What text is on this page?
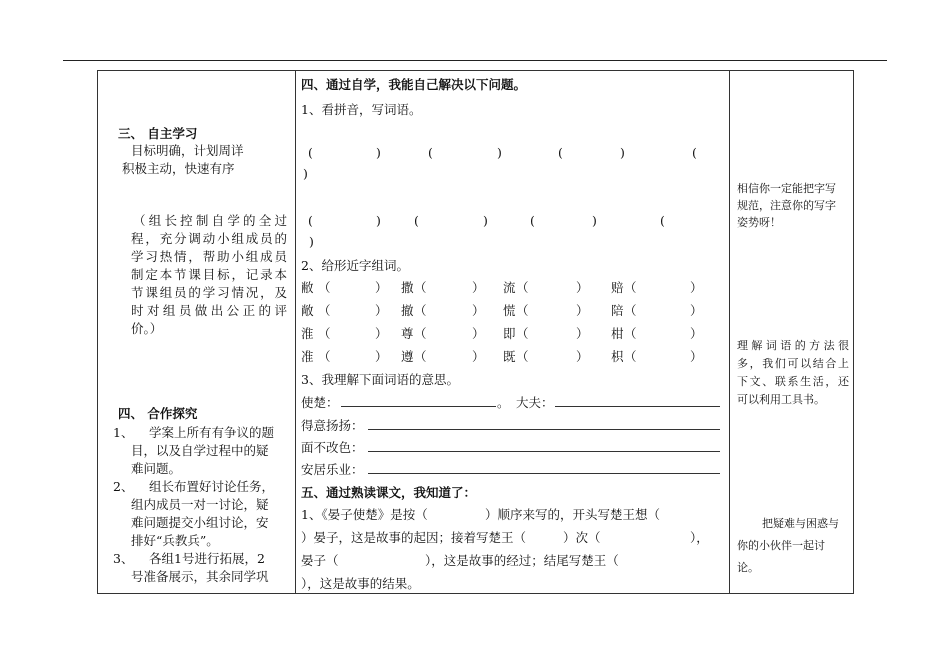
三、 自主学习
目标明确，计划周详
积极主动，快速有序
（组长控制自学的全过
程，充分调动小组成员的
学习热情，帮助小组成员
制定本节课目标，记录本
节课组员的学习情况，及
时对组员做出公正的评
价。）
四、 合作探究
1、 学案上所有有争议的题
目，以及自学过程中的疑
难问题。
2、 组长布置好讨论任务，
组内成员一对一讨论，疑
难问题提交小组讨论，安
排好“兵教兵”。
3、 各组1号进行拓展，2
号准备展示，其余同学巩
四、通过自学，我能自己解决以下问题。
1、看拼音，写词语。
(	)	(	)	(	)	(
)
(	)	(	)	(	)	(
)
2、给形近字组词。
敝 （	） 撒 （	） 流 （	） 赔 （	）
敞 （	） 撤 （	） 慌 （	） 陪 （	）
淮 （	） 尊 （	） 即 （	） 柑 （	）
准 （	） 遵 （	） 既 （	） 枳 （	）
3、我理解下面词语的意思。
使楚：	。 大夫：
得意扬扬：
面不改色：
安居乐业：
五、通过熟读课文，我知道了：
1、《晏子使楚》是按（	）顺序来写的，开头写楚王想（
）晏子，这是故事的起因；接着写楚王（	）次（	），
晏子（	），这是故事的经过；结尾写楚王（
），这是故事的结果。
相信你一定能把字写
规范，注意你的写字
姿势呀！
理解词语的方法很
多，我们可以结合上
下文、联系生活，还
可以利用工具书。
把疑难与困惑与
你的小伙伴一起讨
论。
